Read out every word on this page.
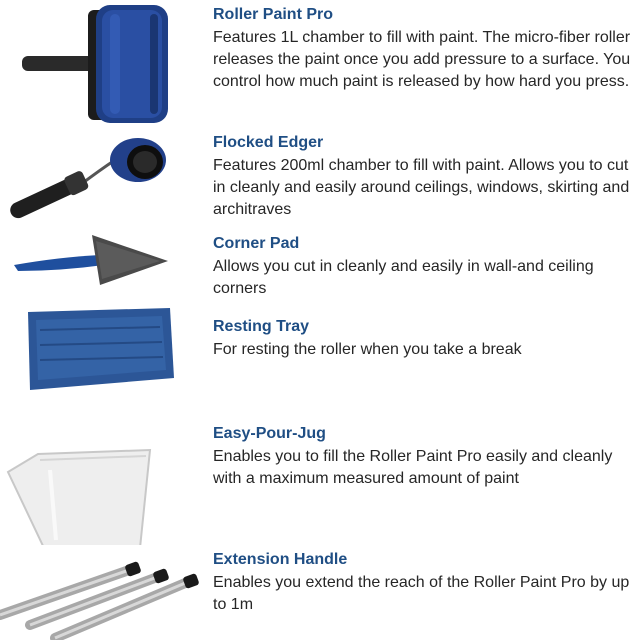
Roller Paint Pro

Features 1L chamber to fill with paint. The micro-fiber roller releases the paint once you add pressure to a surface. You control how much paint is released by how hard you press.

Flocked Edger

Features 200ml chamber to fill with paint. Allows you to cut in cleanly and easily around ceilings, windows, skirting and architraves

Corner Pad

Allows you cut in cleanly and easily in wall-and ceiling corners

Resting Tray

For resting the roller when you take a break

Easy-Pour-Jug

Enables you to fill the Roller Paint Pro easily and cleanly with a maximum measured amount of paint

Extension Handle

Enables you extend the reach of the Roller Paint Pro by up to 1m
